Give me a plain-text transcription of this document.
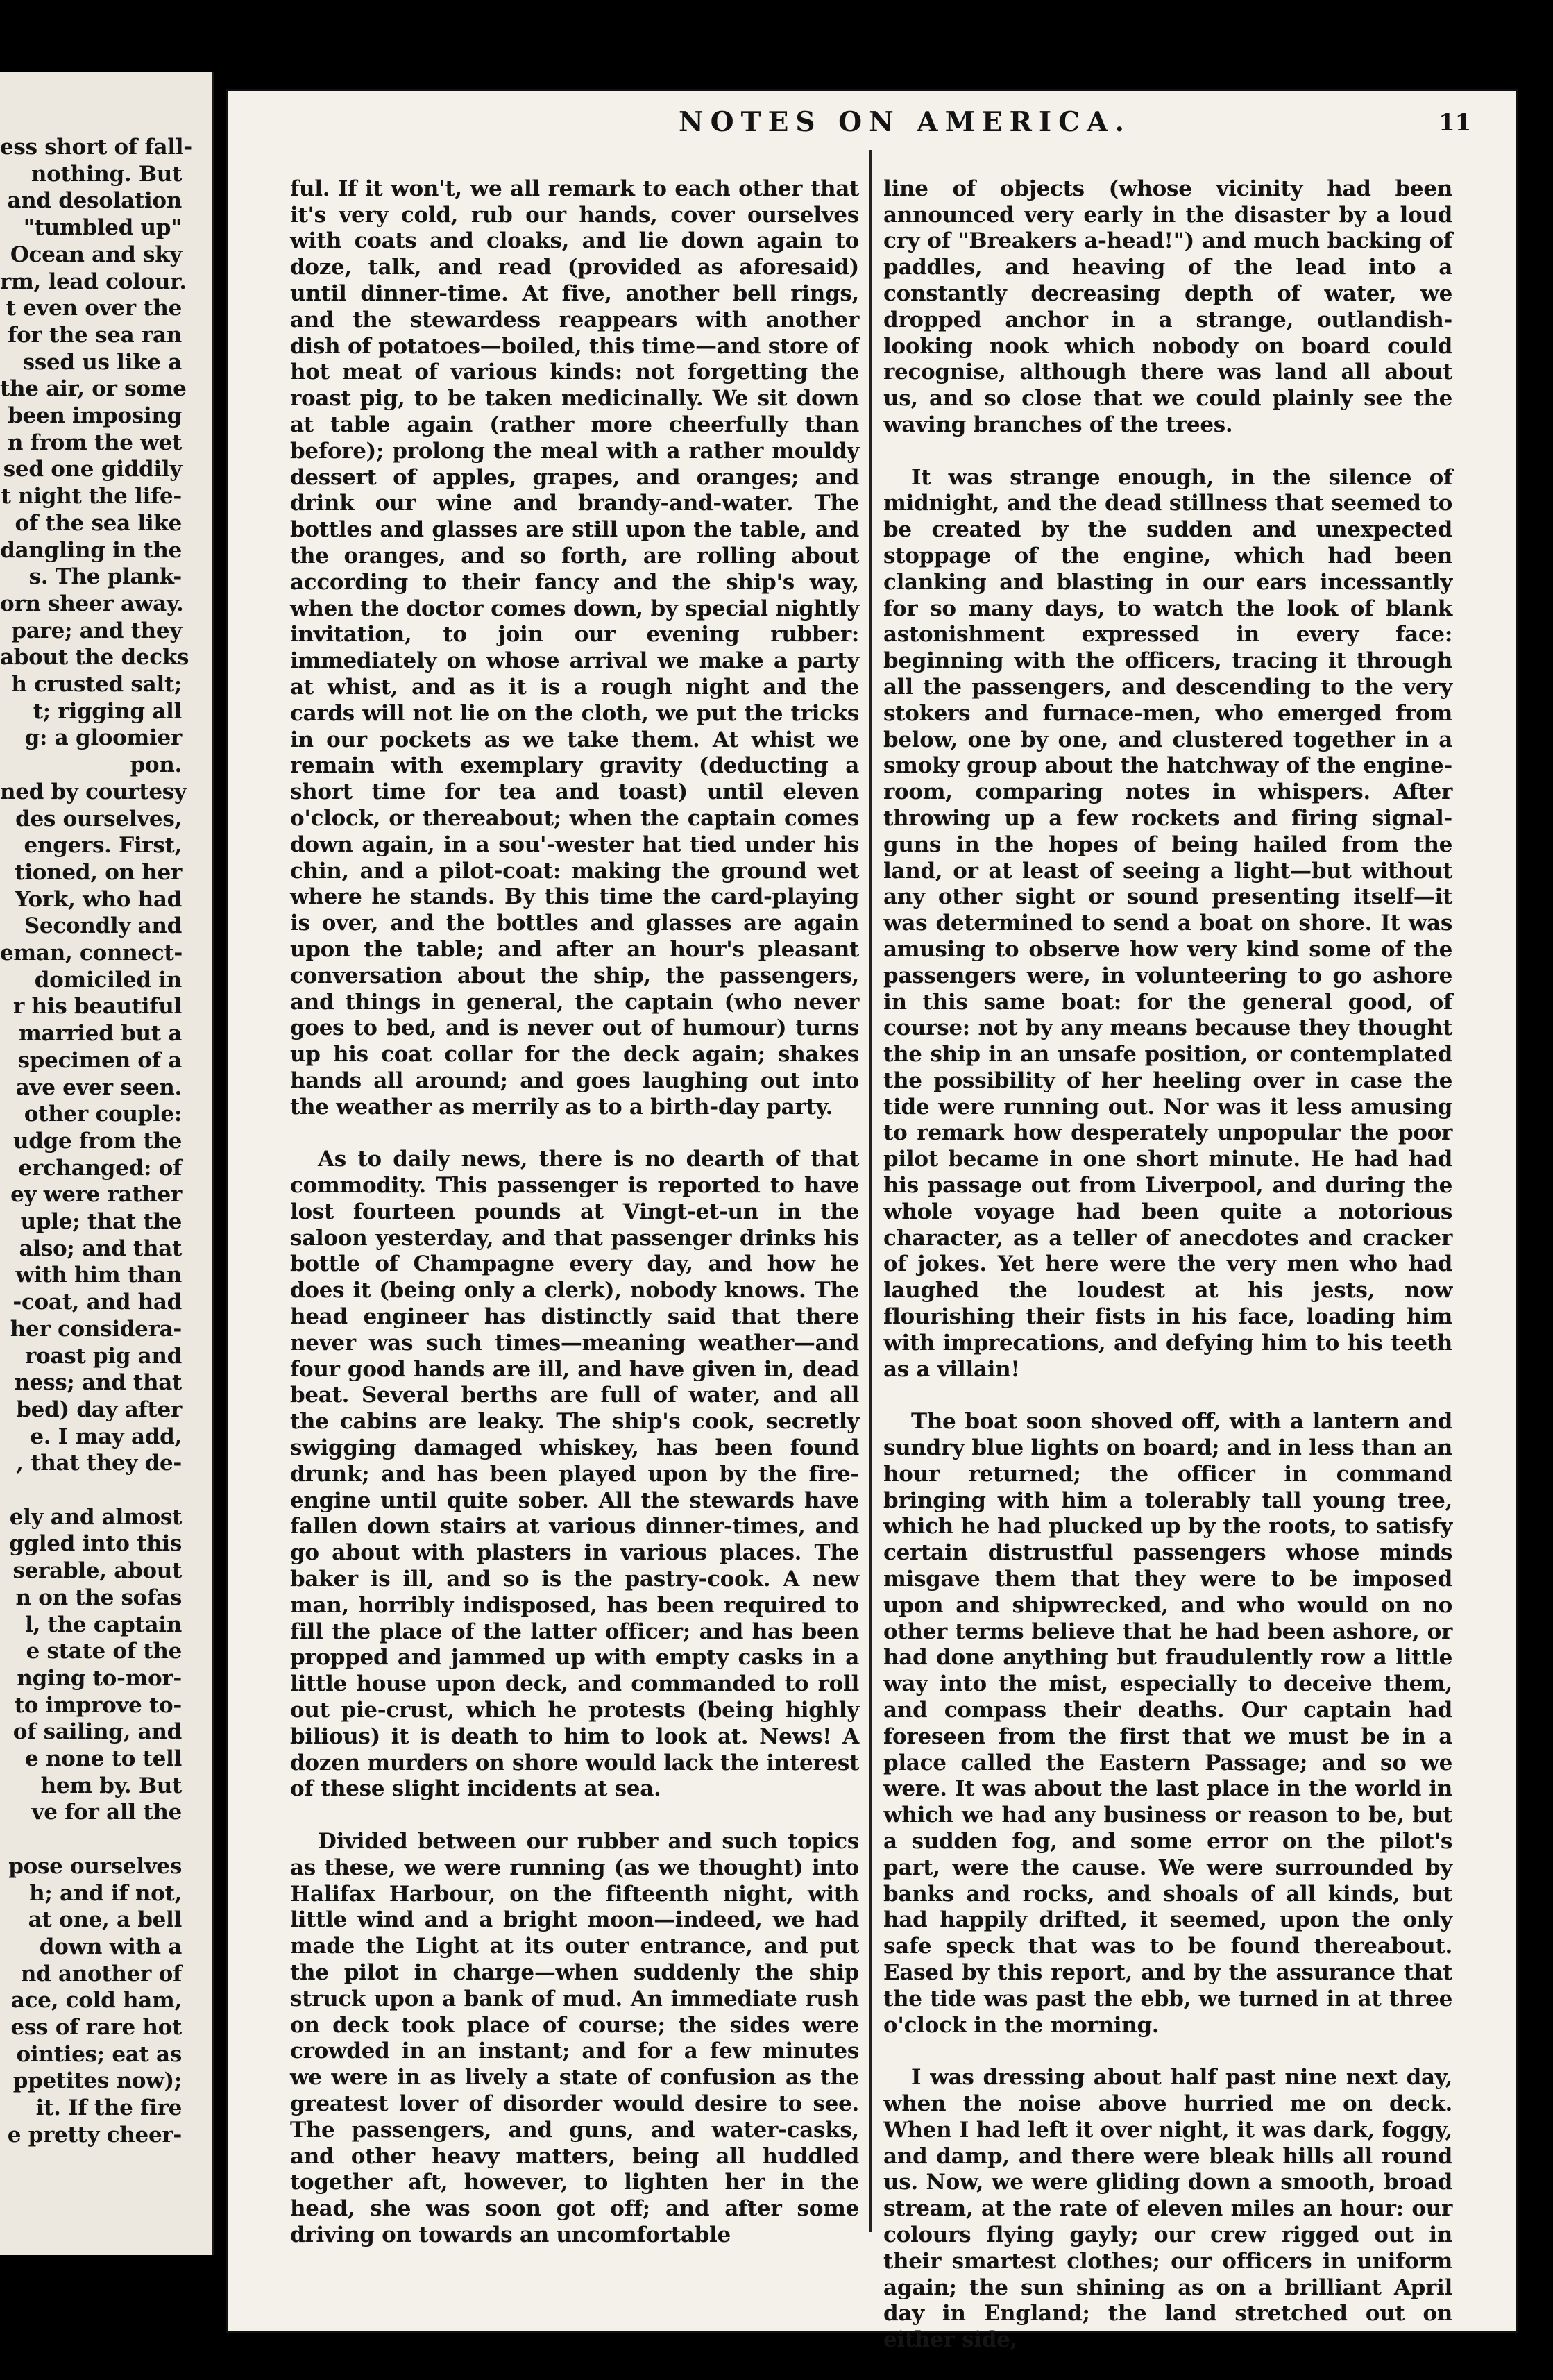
ess short of fall-
nothing. But
and desolation
"tumbled up"
Ocean and sky
rm, lead colour.
t even over the
for the sea ran
ssed us like a
the air, or some
been imposing
n from the wet
sed one giddily
t night the life-
of the sea like
dangling in the
s. The plank-
orn sheer away.
pare; and they
about the decks
h crusted salt;
t; rigging all
g: a gloomier
pon.
ned by courtesy
des ourselves,
engers. First,
tioned, on her
York, who had
Secondly and
eman, connect-
domiciled in
r his beautiful
married but a
specimen of a
ave ever seen.
other couple:
udge from the
erchanged: of
ey were rather
uple; that the
also; and that
with him than
-coat, and had
her considera-
roast pig and
ness; and that
bed) day after
e. I may add,
, that they de-
ely and almost
ggled into this
serable, about
n on the sofas
l, the captain
e state of the
nging to-mor-
to improve to-
of sailing, and
e none to tell
hem by. But
ve for all the
pose ourselves
h; and if not,
at one, a bell
down with a
nd another of
ace, cold ham,
ess of rare hot
ointies; eat as
ppetites now);
it. If the fire
e pretty cheer-
NOTES ON AMERICA.	11

ful. If it won't, we all remark to each other that it's very cold, rub our hands, cover ourselves with coats and cloaks, and lie down again to doze, talk, and read (provided as aforesaid) until dinner-time. At five, another bell rings, and the stewardess reappears with another dish of potatoes—boiled, this time—and store of hot meat of various kinds: not forgetting the roast pig, to be taken medicinally. We sit down at table again (rather more cheerfully than before); prolong the meal with a rather mouldy dessert of apples, grapes, and oranges; and drink our wine and brandy-and-water. The bottles and glasses are still upon the table, and the oranges, and so forth, are rolling about according to their fancy and the ship's way, when the doctor comes down, by special nightly invitation, to join our evening rubber: immediately on whose arrival we make a party at whist, and as it is a rough night and the cards will not lie on the cloth, we put the tricks in our pockets as we take them. At whist we remain with exemplary gravity (deducting a short time for tea and toast) until eleven o'clock, or thereabout; when the captain comes down again, in a sou'-wester hat tied under his chin, and a pilot-coat: making the ground wet where he stands. By this time the card-playing is over, and the bottles and glasses are again upon the table; and after an hour's pleasant conversation about the ship, the passengers, and things in general, the captain (who never goes to bed, and is never out of humour) turns up his coat collar for the deck again; shakes hands all around; and goes laughing out into the weather as merrily as to a birth-day party.

As to daily news, there is no dearth of that commodity. This passenger is reported to have lost fourteen pounds at Vingt-et-un in the saloon yesterday, and that passenger drinks his bottle of Champagne every day, and how he does it (being only a clerk), nobody knows. The head engineer has distinctly said that there never was such times—meaning weather—and four good hands are ill, and have given in, dead beat. Several berths are full of water, and all the cabins are leaky. The ship's cook, secretly swigging damaged whiskey, has been found drunk; and has been played upon by the fire-engine until quite sober. All the stewards have fallen down stairs at various dinner-times, and go about with plasters in various places. The baker is ill, and so is the pastry-cook. A new man, horribly indisposed, has been required to fill the place of the latter officer; and has been propped and jammed up with empty casks in a little house upon deck, and commanded to roll out pie-crust, which he protests (being highly bilious) it is death to him to look at. News! A dozen murders on shore would lack the interest of these slight incidents at sea.

Divided between our rubber and such topics as these, we were running (as we thought) into Halifax Harbour, on the fifteenth night, with little wind and a bright moon—indeed, we had made the Light at its outer entrance, and put the pilot in charge—when suddenly the ship struck upon a bank of mud. An immediate rush on deck took place of course; the sides were crowded in an instant; and for a few minutes we were in as lively a state of confusion as the greatest lover of disorder would desire to see. The passengers, and guns, and water-casks, and other heavy matters, being all huddled together aft, however, to lighten her in the head, she was soon got off; and after some driving on towards an uncomfortable

line of objects (whose vicinity had been announced very early in the disaster by a loud cry of "Breakers a-head!") and much backing of paddles, and heaving of the lead into a constantly decreasing depth of water, we dropped anchor in a strange, outlandish-looking nook which nobody on board could recognise, although there was land all about us, and so close that we could plainly see the waving branches of the trees.

It was strange enough, in the silence of midnight, and the dead stillness that seemed to be created by the sudden and unexpected stoppage of the engine, which had been clanking and blasting in our ears incessantly for so many days, to watch the look of blank astonishment expressed in every face: beginning with the officers, tracing it through all the passengers, and descending to the very stokers and furnace-men, who emerged from below, one by one, and clustered together in a smoky group about the hatchway of the engine-room, comparing notes in whispers. After throwing up a few rockets and firing signal-guns in the hopes of being hailed from the land, or at least of seeing a light—but without any other sight or sound presenting itself—it was determined to send a boat on shore. It was amusing to observe how very kind some of the passengers were, in volunteering to go ashore in this same boat: for the general good, of course: not by any means because they thought the ship in an unsafe position, or contemplated the possibility of her heeling over in case the tide were running out. Nor was it less amusing to remark how desperately unpopular the poor pilot became in one short minute. He had had his passage out from Liverpool, and during the whole voyage had been quite a notorious character, as a teller of anecdotes and cracker of jokes. Yet here were the very men who had laughed the loudest at his jests, now flourishing their fists in his face, loading him with imprecations, and defying him to his teeth as a villain!

The boat soon shoved off, with a lantern and sundry blue lights on board; and in less than an hour returned; the officer in command bringing with him a tolerably tall young tree, which he had plucked up by the roots, to satisfy certain distrustful passengers whose minds misgave them that they were to be imposed upon and shipwrecked, and who would on no other terms believe that he had been ashore, or had done anything but fraudulently row a little way into the mist, especially to deceive them, and compass their deaths. Our captain had foreseen from the first that we must be in a place called the Eastern Passage; and so we were. It was about the last place in the world in which we had any business or reason to be, but a sudden fog, and some error on the pilot's part, were the cause. We were surrounded by banks and rocks, and shoals of all kinds, but had happily drifted, it seemed, upon the only safe speck that was to be found thereabout. Eased by this report, and by the assurance that the tide was past the ebb, we turned in at three o'clock in the morning.

I was dressing about half past nine next day, when the noise above hurried me on deck. When I had left it over night, it was dark, foggy, and damp, and there were bleak hills all round us. Now, we were gliding down a smooth, broad stream, at the rate of eleven miles an hour: our colours flying gayly; our crew rigged out in their smartest clothes; our officers in uniform again; the sun shining as on a brilliant April day in England; the land stretched out on either side,
